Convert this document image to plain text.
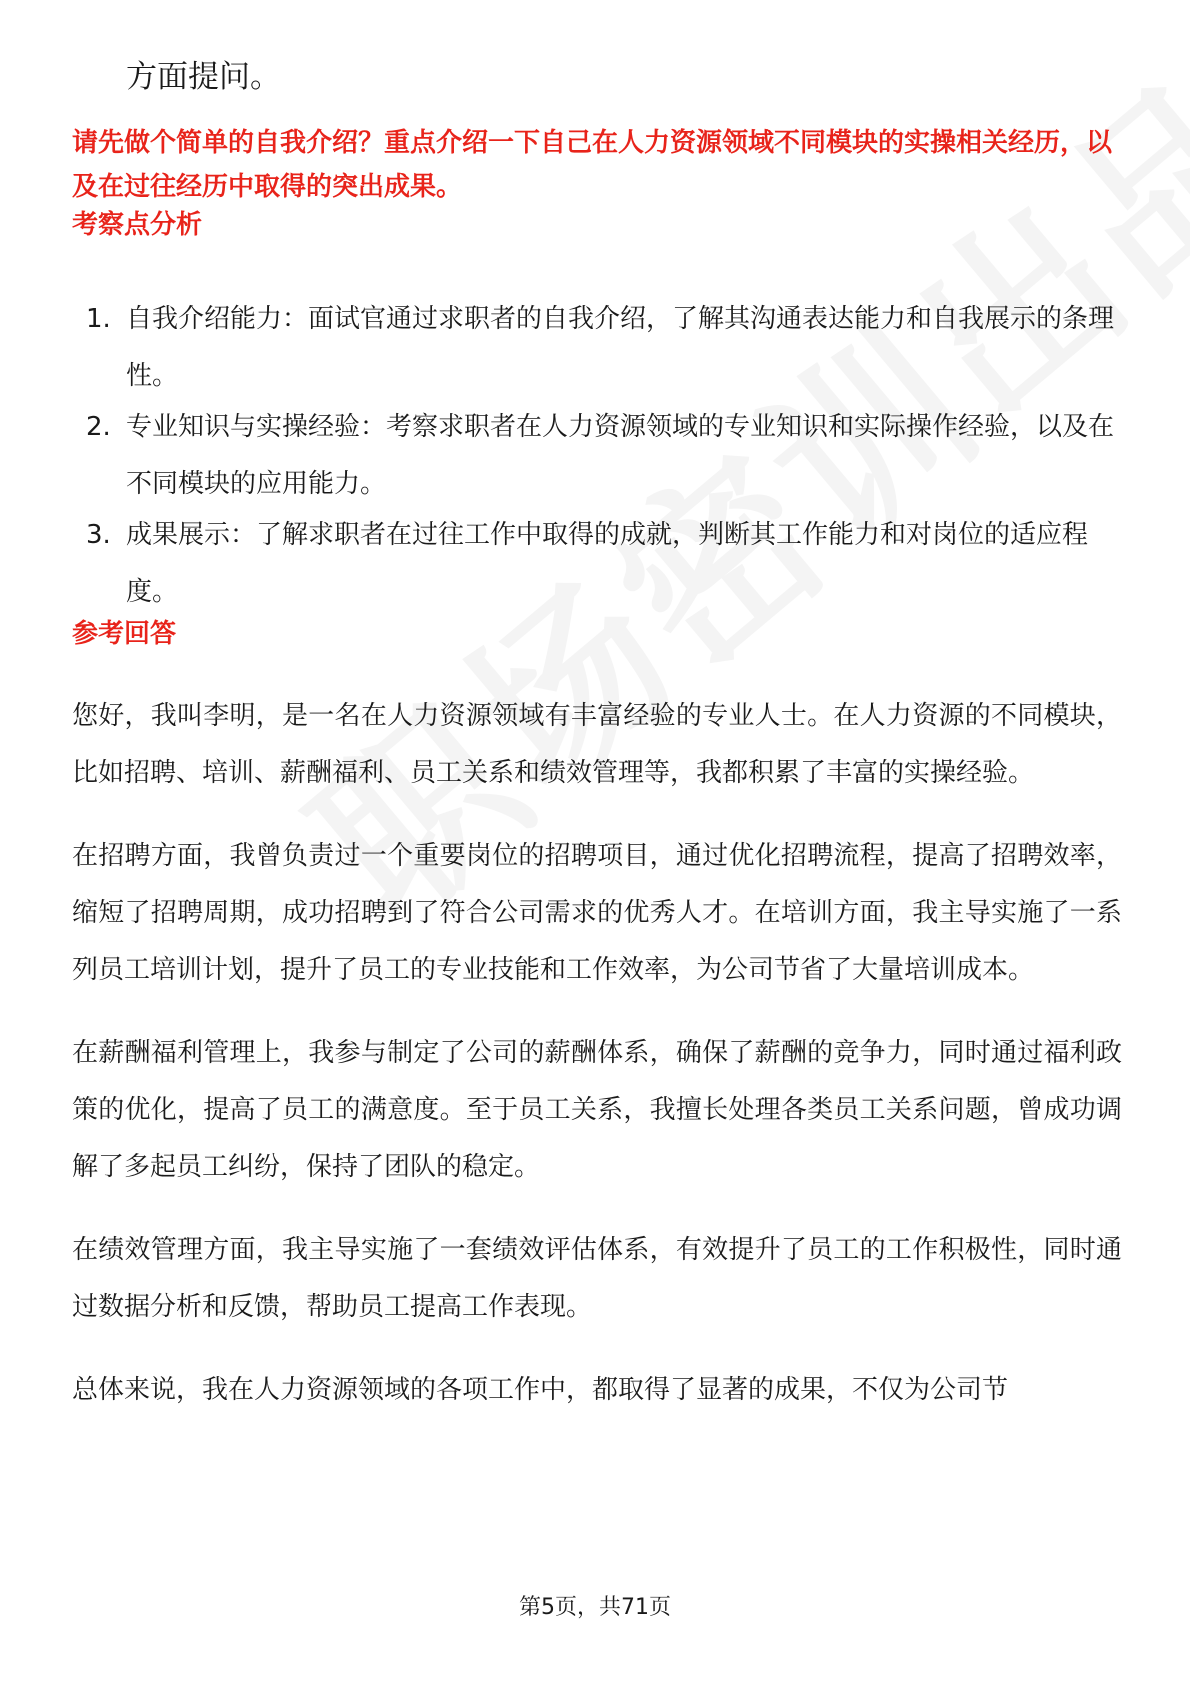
方面提问。
请先做个简单的自我介绍？重点介绍一下自己在人力资源领域不同模块的实操相关经历，以及在过往经历中取得的突出成果。
考察点分析
1. 自我介绍能力：面试官通过求职者的自我介绍，了解其沟通表达能力和自我展示的条理性。
2. 专业知识与实操经验：考察求职者在人力资源领域的专业知识和实际操作经验，以及在不同模块的应用能力。
3. 成果展示：了解求职者在过往工作中取得的成就，判断其工作能力和对岗位的适应程度。
参考回答

您好，我叫李明，是一名在人力资源领域有丰富经验的专业人士。在人力资源的不同模块，比如招聘、培训、薪酬福利、员工关系和绩效管理等，我都积累了丰富的实操经验。

在招聘方面，我曾负责过一个重要岗位的招聘项目，通过优化招聘流程，提高了招聘效率，缩短了招聘周期，成功招聘到了符合公司需求的优秀人才。在培训方面，我主导实施了一系列员工培训计划，提升了员工的专业技能和工作效率，为公司节省了大量培训成本。

在薪酬福利管理上，我参与制定了公司的薪酬体系，确保了薪酬的竞争力，同时通过福利政策的优化，提高了员工的满意度。至于员工关系，我擅长处理各类员工关系问题，曾成功调解了多起员工纠纷，保持了团队的稳定。

在绩效管理方面，我主导实施了一套绩效评估体系，有效提升了员工的工作积极性，同时通过数据分析和反馈，帮助员工提高工作表现。

总体来说，我在人力资源领域的各项工作中，都取得了显著的成果，不仅为公司节

第5页，共71页
